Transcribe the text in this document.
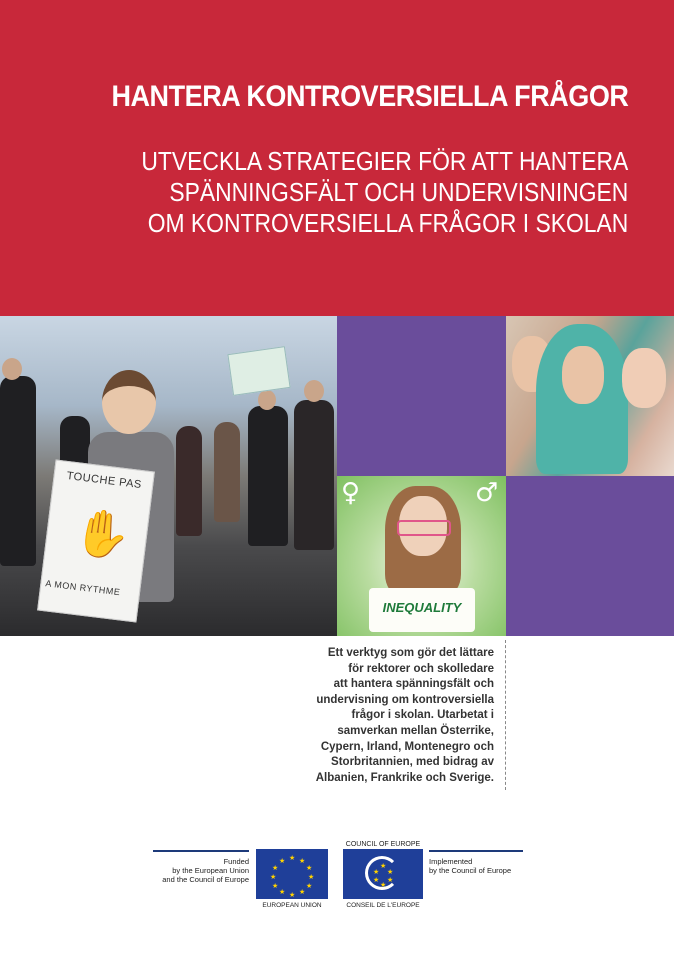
HANTERA KONTROVERSIELLA FRÅGOR
UTVECKLA STRATEGIER FÖR ATT HANTERA
SPÄNNINGSFÄLT OCH UNDERVISNINGEN
OM KONTROVERSIELLA FRÅGOR I SKOLAN
TOUCHE PAS
✋
A MON RYTHME
♀	♂
INEQUALITY
Ett verktyg som gör det lättare
för rektorer och skolledare
att hantera spänningsfält och
undervisning om kontroversiella
frågor i skolan. Utarbetat i
samverkan mellan Österrike,
Cypern, Irland, Montenegro och
Storbritannien, med bidrag av
Albanien, Frankrike och Sverige.
Funded
by the European Union
and the Council of Europe
★ ★
★
★
★
★
★
★
★
★
★
★
EUROPEAN UNION
COUNCIL OF EUROPE
★
★
★
★
★
★
CONSEIL DE L'EUROPE
Implemented
by the Council of Europe
